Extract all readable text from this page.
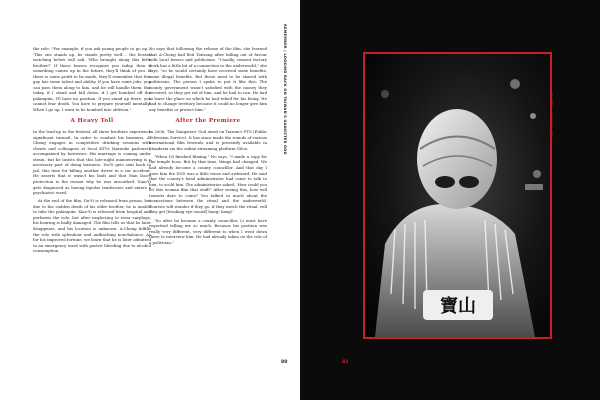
the role: "For example, if you ask young people to go up… 'This one stands up, he stands pretty well'… the bosses watching below will ask, 'Who brought along this little brother?' If these bosses recognize you today, then if something comes up in the future, they'll think of you. If there is some profit to be made, they'll remember that this guy has some talent and ability. If you have some jobs, you can pass them along to him, and he will handle them. But today, if I stand and fall down, if I get bombed off the palanquin, I'll have no position. If you stand up there, you cannot fear death. You have to prepare yourself mentally: When I go up, I want to be bombed into oblivion."

A Heavy Toll

In the lead-up to the festival, all three brothers experience significant turmoil. In order to conduct his business, A-Cheng engages in competitive drinking sessions with clients and colleagues at local KTVs (karaoke parlours), accompanied by hostesses. His marriage is coming under strain, but he insists that this late-night manoeuvring is a necessary part of doing business. Da-Yi gets sent back to jail, this time for killing another driver in a car accident. He asserts that it wasn't his fault and that Man Dao's protection is the reason why he was unscathed. Xiao-Yi gets diagnosed as having bipolar tendencies and enters a psychiatric ward.

At the end of the film, Da-Yi is released from prison, but due to the sudden death of his older brother, he is unable to take the palanquin. Xiao-Yi is released from hospital and performs the role, but after neglecting to wear earplugs, his hearing is badly damaged. The film tells us that he later disappears, and his location is unknown. A-Cheng fulfills the role with splendour and unflinching nonchalance. As for his improved fortune, we learn that he is later admitted to an emergency ward with gastric bleeding due to alcohol consumption.

No says that following the release of the film, she learned that A-Cheng had fled Taiwang after falling out of favour with local bosses and politicians. "Usually, cement factory work has a little bit of a connection to the underworld," she says, "so he would certainly have received some benefits, some illegal benefits. But these need to be shared with politicians. The person I spoke to put it like this: The county government wasn't satisfied with the money they received, so they got rid of him, and he had to run. He had to leave the place on which he had relied for his living. He had to change territory because it could no longer give him any benefits or protect him."

After the Premiere

In 2006, The Gangsters' God aired on Taiwan's PTS (Public Television Service). It has since made the rounds of various international film festivals and is presently available in Mandarin via the online streaming platform Giloo.

"When I'd finished filming," No says, "I made a copy for the temple boss. But by that time, things had changed. We had already become a county councillor. And that day I gave him the DVD was a little tense and awkward. He said that the county's head administrator had come to talk to him, to scold him. The administrator asked, 'How could you let this woman film that stuff?' After seeing this, how will tourists dare to come? You talked so much about the connections between the ritual and the underworld. Tourists will wonder if they go, if they watch the ritual, will they get [freaking eye-sound] bang! bang!'

"So after he became a county councillor, Li must have regretted telling me so much. Because his position was really very different, very different to when I went down there to interview him. He had already taken on the role of a politician."

REMEMBER | LOOKING BACK ON TAIWAN'S GANGSTER GOD
80	81
寶山
PHOTO: FANGO JEN
